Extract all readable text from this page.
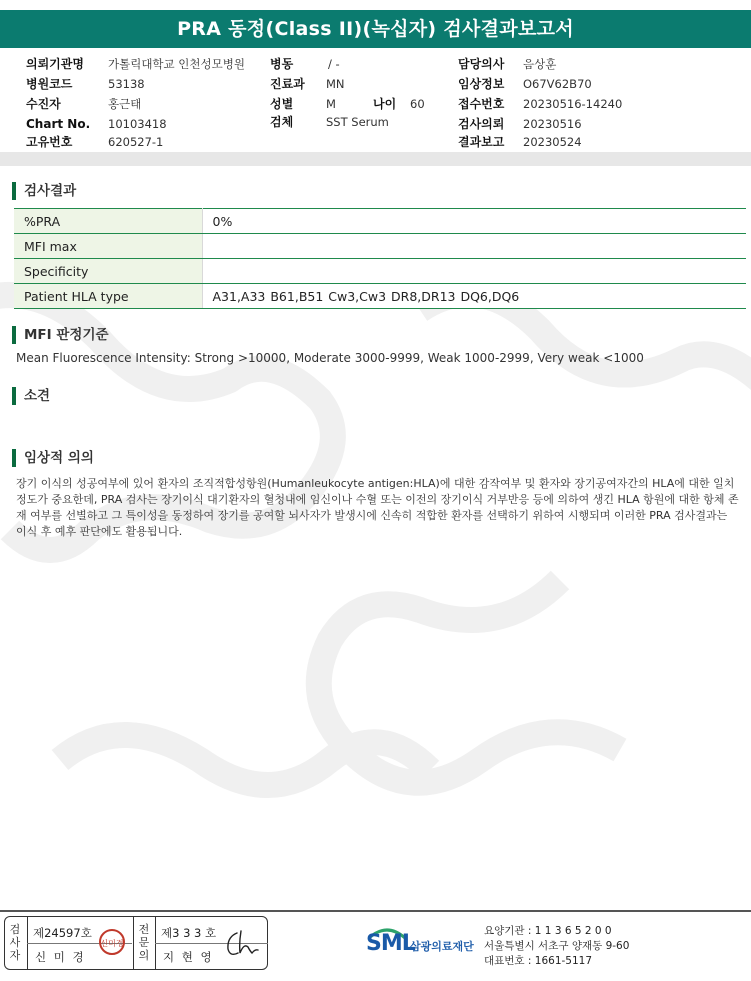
PRA 동정(Class II)(녹십자) 검사결과보고서
의뢰기관명 가톨릭대학교 인천성모병원
병원코드	53138
수진자	홍근태
Chart No. 10103418
고유번호	620527-1
병동	/ -
진료과 MN
성별	M	나이 60
검체	SST Serum
담당의사 음상훈
임상정보 O67V62B70
접수번호 20230516-14240
검사의뢰 20230516
결과보고 20230524
검사결과
%PRA	0%
MFI max	
Specificity	
Patient HLA type	A31,A33 B61,B51 Cw3,Cw3 DR8,DR13 DQ6,DQ6
MFI 판정기준
Mean Fluorescence Intensity: Strong >10000, Moderate 3000-9999, Weak 1000-2999, Very weak <1000
소견
임상적 의의
장기 이식의 성공여부에 있어 환자의 조직적합성항원(Humanleukocyte antigen:HLA)에 대한 감작여부 및 환자와 장기공여자간의 HLA에 대한 일치정도가 중요한데, PRA 검사는 장기이식 대기환자의 혈청내에 임신이나 수혈 또는 이전의 장기이식 거부반응 등에 의하여 생긴 HLA 항원에 대한 항체 존재 여부를 선별하고 그 특이성을 동정하여 장기를 공여할 뇌사자가 발생시에 신속히 적합한 환자를 선택하기 위하여 시행되며 이러한 PRA 검사결과는 이식 후 예후 판단에도 활용됩니다.
검사자
제24597호
신 미 경
신미경
전문의
제3 3 3 호
지 현 영
SML
삼광의료재단
요양기관 : 1 1 3 6 5 2 0 0
서울특별시 서초구 양재동 9-60
대표번호 : 1661-5117
